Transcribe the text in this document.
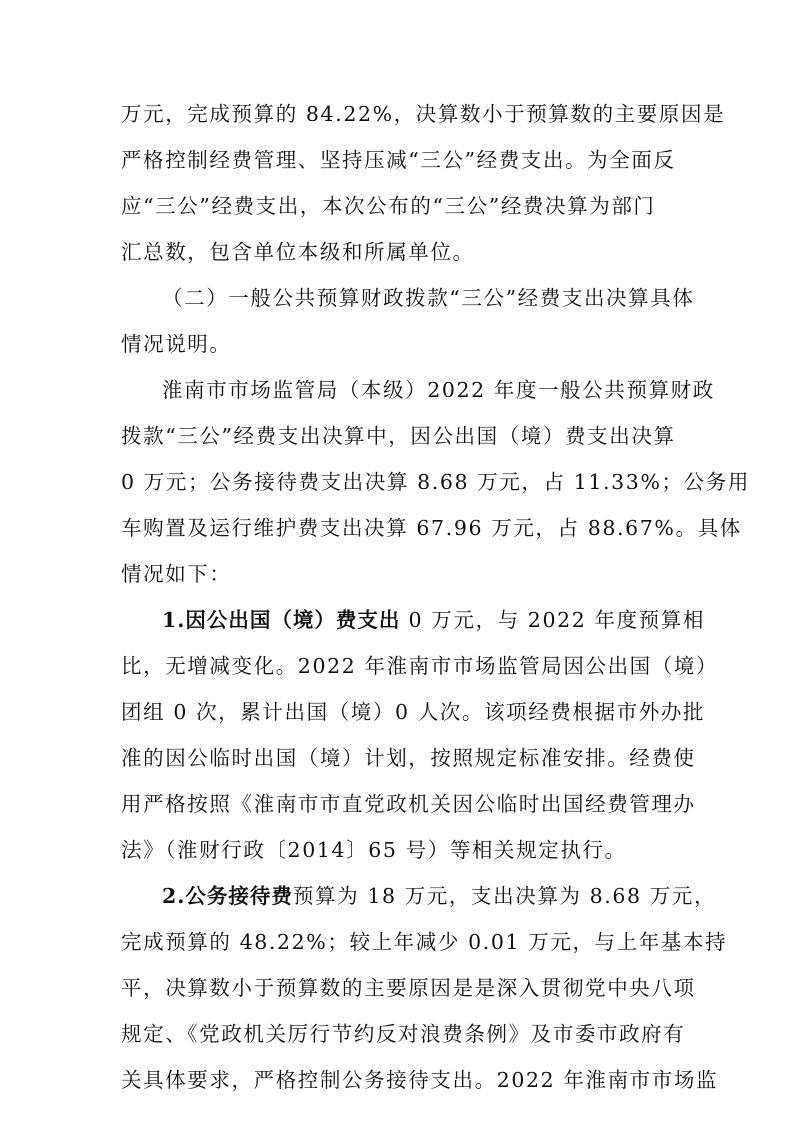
万元，完成预算的 84.22%，决算数小于预算数的主要原因是
严格控制经费管理、坚持压减“三公”经费支出。为全面反
应“三公”经费支出，本次公布的“三公”经费决算为部门
汇总数，包含单位本级和所属单位。
（二）一般公共预算财政拨款“三公”经费支出决算具体
情况说明。
淮南市市场监管局（本级）2022 年度一般公共预算财政
拨款“三公”经费支出决算中，因公出国（境）费支出决算
0 万元；公务接待费支出决算 8.68 万元，占 11.33%；公务用
车购置及运行维护费支出决算 67.96 万元，占 88.67%。具体
情况如下：
1.因公出国（境）费支出 0 万元，与 2022 年度预算相
比，无增减变化。2022 年淮南市市场监管局因公出国（境）
团组 0 次，累计出国（境）0 人次。该项经费根据市外办批
准的因公临时出国（境）计划，按照规定标准安排。经费使
用严格按照《淮南市市直党政机关因公临时出国经费管理办
法》（淮财行政〔2014〕65 号）等相关规定执行。
2.公务接待费预算为 18 万元，支出决算为 8.68 万元，
完成预算的 48.22%；较上年减少 0.01 万元，与上年基本持
平，决算数小于预算数的主要原因是是深入贯彻党中央八项
规定、《党政机关厉行节约反对浪费条例》及市委市政府有
关具体要求，严格控制公务接待支出。2022 年淮南市市场监
